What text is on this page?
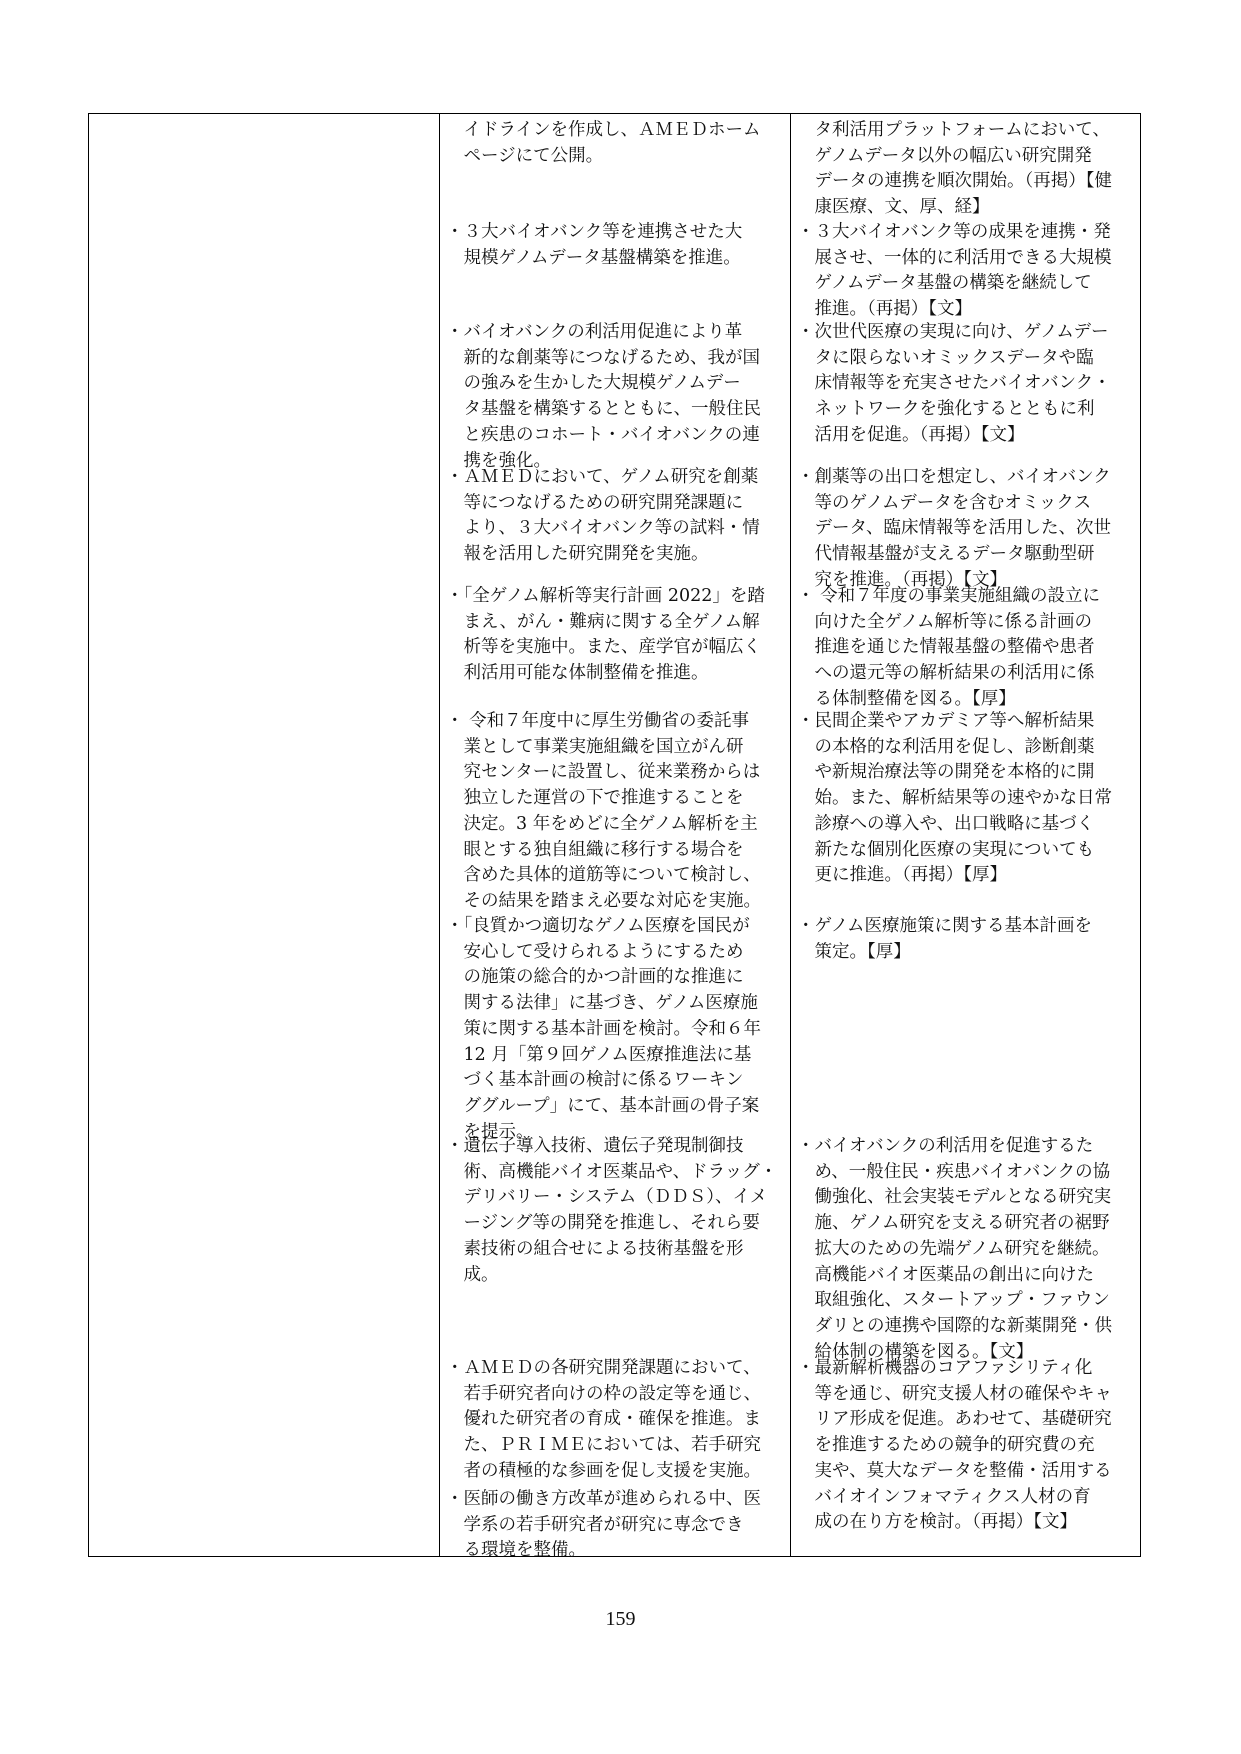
　イドラインを作成し、ＡＭＥＤホーム
　ページにて公開。
・３大バイオバンク等を連携させた大
　規模ゲノムデータ基盤構築を推進。
・バイオバンクの利活用促進により革
　新的な創薬等につなげるため、我が国
　の強みを生かした大規模ゲノムデー
　タ基盤を構築するとともに、一般住民
　と疾患のコホート・バイオバンクの連
　携を強化。
・ＡＭＥＤにおいて、ゲノム研究を創薬
　等につなげるための研究開発課題に
　より、３大バイオバンク等の試料・情
　報を活用した研究開発を実施。
・「全ゲノム解析等実行計画 2022」を踏
　まえ、がん・難病に関する全ゲノム解
　析等を実施中。また、産学官が幅広く
　利活用可能な体制整備を推進。
・ 令和７年度中に厚生労働省の委託事
　業として事業実施組織を国立がん研
　究センターに設置し、従来業務からは
　独立した運営の下で推進することを
　決定。3 年をめどに全ゲノム解析を主
　眼とする独自組織に移行する場合を
　含めた具体的道筋等について検討し、
　その結果を踏まえ必要な対応を実施。
・「良質かつ適切なゲノム医療を国民が
　安心して受けられるようにするため
　の施策の総合的かつ計画的な推進に
　関する法律」に基づき、ゲノム医療施
　策に関する基本計画を検討。令和６年
　12 月「第９回ゲノム医療推進法に基
　づく基本計画の検討に係るワーキン
　ググループ」にて、基本計画の骨子案
　を提示。
・遺伝子導入技術、遺伝子発現制御技
　術、高機能バイオ医薬品や、ドラッグ・
　デリバリー・システム（ＤＤＳ）、イメ
　ージング等の開発を推進し、それら要
　素技術の組合せによる技術基盤を形
　成。
・ＡＭＥＤの各研究開発課題において、
　若手研究者向けの枠の設定等を通じ、
　優れた研究者の育成・確保を推進。ま
　た、ＰＲＩＭＥにおいては、若手研究
　者の積極的な参画を促し支援を実施。
・医師の働き方改革が進められる中、医
　学系の若手研究者が研究に専念でき
　る環境を整備。
　タ利活用プラットフォームにおいて、
　ゲノムデータ以外の幅広い研究開発
　データの連携を順次開始。（再掲）【健
　康医療、文、厚、経】
・３大バイオバンク等の成果を連携・発
　展させ、一体的に利活用できる大規模
　ゲノムデータ基盤の構築を継続して
　推進。（再掲）【文】
・次世代医療の実現に向け、ゲノムデー
　タに限らないオミックスデータや臨
　床情報等を充実させたバイオバンク・
　ネットワークを強化するとともに利
　活用を促進。（再掲）【文】
・創薬等の出口を想定し、バイオバンク
　等のゲノムデータを含むオミックス
　データ、臨床情報等を活用した、次世
　代情報基盤が支えるデータ駆動型研
　究を推進。（再掲）【文】
・ 令和７年度の事業実施組織の設立に
　向けた全ゲノム解析等に係る計画の
　推進を通じた情報基盤の整備や患者
　への還元等の解析結果の利活用に係
　る体制整備を図る。【厚】
・民間企業やアカデミア等へ解析結果
　の本格的な利活用を促し、診断創薬
　や新規治療法等の開発を本格的に開
　始。また、解析結果等の速やかな日常
　診療への導入や、出口戦略に基づく
　新たな個別化医療の実現についても
　更に推進。（再掲）【厚】
・ゲノム医療施策に関する基本計画を
　策定。【厚】
・バイオバンクの利活用を促進するた
　め、一般住民・疾患バイオバンクの協
　働強化、社会実装モデルとなる研究実
　施、ゲノム研究を支える研究者の裾野
　拡大のための先端ゲノム研究を継続。
　高機能バイオ医薬品の創出に向けた
　取組強化、スタートアップ・ファウン
　ダリとの連携や国際的な新薬開発・供
　給体制の構築を図る。【文】
・最新解析機器のコアファシリティ化
　等を通じ、研究支援人材の確保やキャ
　リア形成を促進。あわせて、基礎研究
　を推進するための競争的研究費の充
　実や、莫大なデータを整備・活用する
　バイオインフォマティクス人材の育
　成の在り方を検討。（再掲）【文】
159
